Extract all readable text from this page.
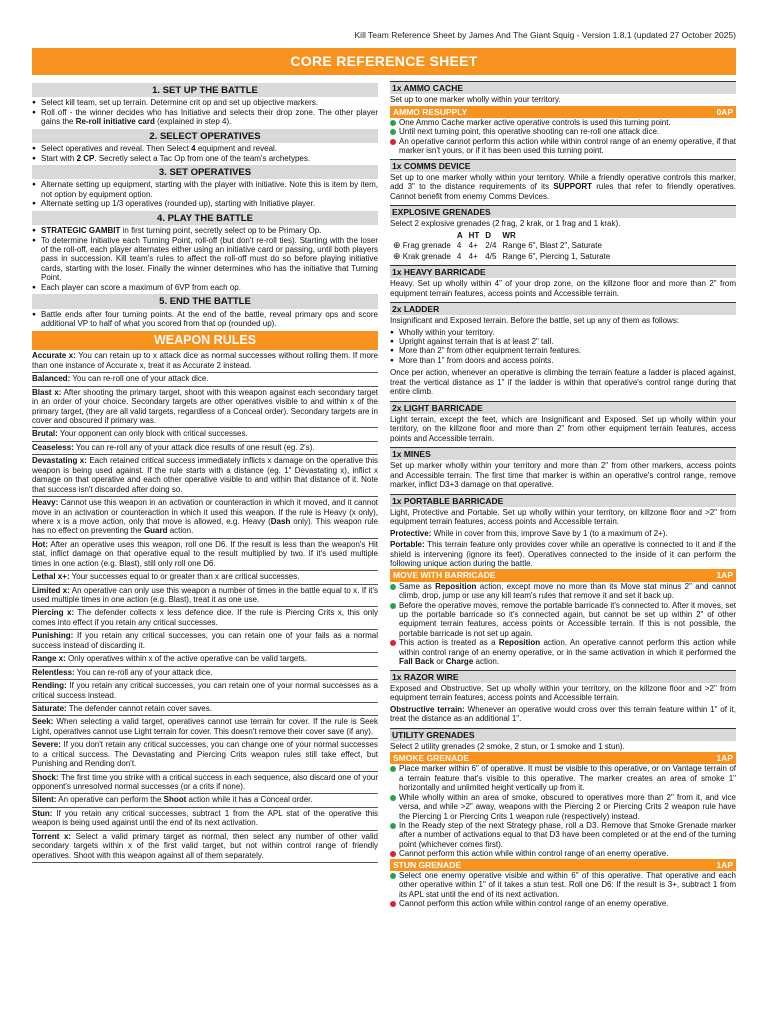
Kill Team Reference Sheet by James And The Giant Squig - Version 1.8.1 (updated 27 October 2025)
CORE REFERENCE SHEET
1. SET UP THE BATTLE
● Select kill team, set up terrain. Determine crit op and set up objective markers.
● Roll off - the winner decides who has Initiative and selects their drop zone. The other player gains the Re-roll initiative card (explained in step 4).
2. SELECT OPERATIVES
● Select operatives and reveal. Then Select 4 equipment and reveal.
● Start with 2 CP. Secretly select a Tac Op from one of the team's archetypes.
3. SET OPERATIVES
● Alternate setting up equipment, starting with the player with initiative. Note this is item by item, not option by equipment option.
● Alternate setting up 1/3 operatives (rounded up), starting with Initiative player.
4. PLAY THE BATTLE
● STRATEGIC GAMBIT in first turning point, secretly select op to be Primary Op.
● To determine Initiative each Turning Point, roll-off (but don't re-roll ties). Starting with the loser of the roll-off, each player alternates either using an initiative card or passing, until both players pass in succession. Kill team's rules to affect the roll-off must do so before playing initiative cards, starting with the loser. Finally the winner determines who has the initiative that Turning Point.
● Each player can score a maximum of 6VP from each op.
5. END THE BATTLE
● Battle ends after four turning points. At the end of the battle, reveal primary ops and score additional VP to half of what you scored from that op (rounded up).
WEAPON RULES
Accurate x: You can retain up to x attack dice as normal successes without rolling them. If more than one instance of Accurate x, treat it as Accurate 2 instead.
Balanced: You can re-roll one of your attack dice.
Blast x: After shooting the primary target, shoot with this weapon against each secondary target in an order of your choice. Secondary targets are other operatives visible to and within x of the primary target, (they are all valid targets, regardless of a Conceal order). Secondary targets are in cover and obscured if primary was.
Brutal: Your opponent can only block with critical successes.
Ceaseless: You can re-roll any of your attack dice results of one result (eg. 2's).
Devastating x: Each retained critical success immediately inflicts x damage on the operative this weapon is being used against. If the rule starts with a distance (eg. 1" Devastating x), inflict x damage on that operative and each other operative visible to and within that distance of it. Note that success isn't discarded after doing so.
Heavy: Cannot use this weapon in an activation or counteraction in which it moved, and it cannot move in an activation or counteraction in which it used this weapon. If the rule is Heavy (x only), where x is a move action, only that move is allowed, e.g. Heavy (Dash only). This weapon rule has no effect on preventing the Guard action.
Hot: After an operative uses this weapon, roll one D6. If the result is less than the weapon's Hit stat, inflict damage on that operative equal to the result multiplied by two. If it's used multiple times in one action (e.g. Blast), still only roll one D6.
Lethal x+: Your successes equal to or greater than x are critical successes.
Limited x: An operative can only use this weapon a number of times in the battle equal to x. If it's used multiple times in one action (e.g. Blast), treat it as one use.
Piercing x: The defender collects x less defence dice. If the rule is Piercing Crits x, this only comes into effect if you retain any critical successes.
Punishing: If you retain any critical successes, you can retain one of your fails as a normal success instead of discarding it.
Range x: Only operatives within x of the active operative can be valid targets.
Relentless: You can re-roll any of your attack dice.
Rending: If you retain any critical successes, you can retain one of your normal successes as a critical success instead.
Saturate: The defender cannot retain cover saves.
Seek: When selecting a valid target, operatives cannot use terrain for cover. If the rule is Seek Light, operatives cannot use Light terrain for cover. This doesn't remove their cover save (if any).
Severe: If you don't retain any critical successes, you can change one of your normal successes to a critical success. The Devastating and Piercing Crits weapon rules still take effect, but Punishing and Rending don't.
Shock: The first time you strike with a critical success in each sequence, also discard one of your opponent's unresolved normal successes (or a crits if none).
Silent: An operative can perform the Shoot action while it has a Conceal order.
Stun: If you retain any critical successes, subtract 1 from the APL stat of the operative this weapon is being used against until the end of its next activation.
Torrent x: Select a valid primary target as normal, then select any number of other valid secondary targets within x of the first valid target, but not within control range of friendly operatives. Shoot with this weapon against all of them separately.
1x AMMO CACHE
Set up to one marker wholly within your territory.
AMMO RESUPPLY	0AP
One Ammo Cache marker active operative controls is used this turning point.
Until next turning point, this operative shooting can re-roll one attack dice.
An operative cannot perform this action while within control range of an enemy operative, if that marker isn't yours, or if it has been used this turning point.
1x COMMS DEVICE
Set up to one marker wholly within your territory. While a friendly operative controls this marker, add 3" to the distance requirements of its SUPPORT rules that refer to friendly operatives. Cannot benefit from enemy Comms Devices.
EXPLOSIVE GRENADES
Select 2 explosive grenades (2 frag, 2 krak, or 1 frag and 1 krak).
	A	HT	D	WR
⊕ Frag grenade	4	4+	2/4	Range 6", Blast 2", Saturate
⊕ Krak grenade	4	4+	4/5	Range 6", Piercing 1, Saturate
1x HEAVY BARRICADE
Heavy. Set up wholly within 4" of your drop zone, on the killzone floor and more than 2" from equipment terrain features, access points and Accessible terrain.
2x LADDER
Insignificant and Exposed terrain. Before the battle, set up any of them as follows:
● Wholly within your territory.
● Upright against terrain that is at least 2" tall.
● More than 2" from other equipment terrain features.
● More than 1" from doors and access points.
Once per action, whenever an operative is climbing the terrain feature a ladder is placed against, treat the vertical distance as 1" if the ladder is within that operative's control range during that entire climb.
2x LIGHT BARRICADE
Light terrain, except the feet, which are Insignificant and Exposed. Set up wholly within your territory, on the killzone floor and more than 2" from other equipment terrain features, access points and Accessible terrain.
1x MINES
Set up marker wholly within your territory and more than 2" from other markers, access points and Accessible terrain. The first time that marker is within an operative's control range, remove marker, inflict D3+3 damage on that operative.
1x PORTABLE BARRICADE
Light, Protective and Portable. Set up wholly within your territory, on killzone floor and >2" from equipment terrain features, access points and Accessible terrain.
Protective: While in cover from this, improve Save by 1 (to a maximum of 2+).
Portable: This terrain feature only provides cover while an operative is connected to it and if the shield is intervening (ignore its feet). Operatives connected to the inside of it can perform the following unique action during the battle.
MOVE WITH BARRICADE	1AP
Same as Reposition action, except move no more than its Move stat minus 2" and cannot climb, drop, jump or use any kill team's rules that remove it and set it back up.
Before the operative moves, remove the portable barricade it's connected to. After it moves, set up the portable barricade so it's connected again, but cannot be set up within 2" of other equipment terrain features, access points or Accessible terrain. If this is not possible, the portable barricade is not set up again.
This action is treated as a Reposition action. An operative cannot perform this action while within control range of an enemy operative, or in the same activation in which it performed the Fall Back or Charge action.
1x RAZOR WIRE
Exposed and Obstructive. Set up wholly within your territory, on the killzone floor and >2" from equipment terrain features, access points and Accessible terrain.
Obstructive terrain: Whenever an operative would cross over this terrain feature within 1" of it, treat the distance as an additional 1".
UTILITY GRENADES
Select 2 utility grenades (2 smoke, 2 stun, or 1 smoke and 1 stun).
SMOKE GRENADE	1AP
Place marker within 6" of operative. It must be visible to this operative, or on Vantage terrain of a terrain feature that's visible to this operative. The marker creates an area of smoke 1" horizontally and unlimited height vertically up from it.
While wholly within an area of smoke, obscured to operatives more than 2" from it, and vice versa, and while >2" away, weapons with the Piercing 2 or Piercing Crits 2 weapon rule have the Piercing 1 or Piercing Crits 1 weapon rule (respectively) instead.
In the Ready step of the next Strategy phase, roll a D3. Remove that Smoke Grenade marker after a number of activations equal to that D3 have been completed or at the end of the turning point (whichever comes first).
Cannot perform this action while within control range of an enemy operative.
STUN GRENADE	1AP
Select one enemy operative visible and within 6" of this operative. That operative and each other operative within 1" of it takes a stun test. Roll one D6: If the result is 3+, subtract 1 from its APL stat until the end of its next activation.
Cannot perform this action while within control range of an enemy operative.
